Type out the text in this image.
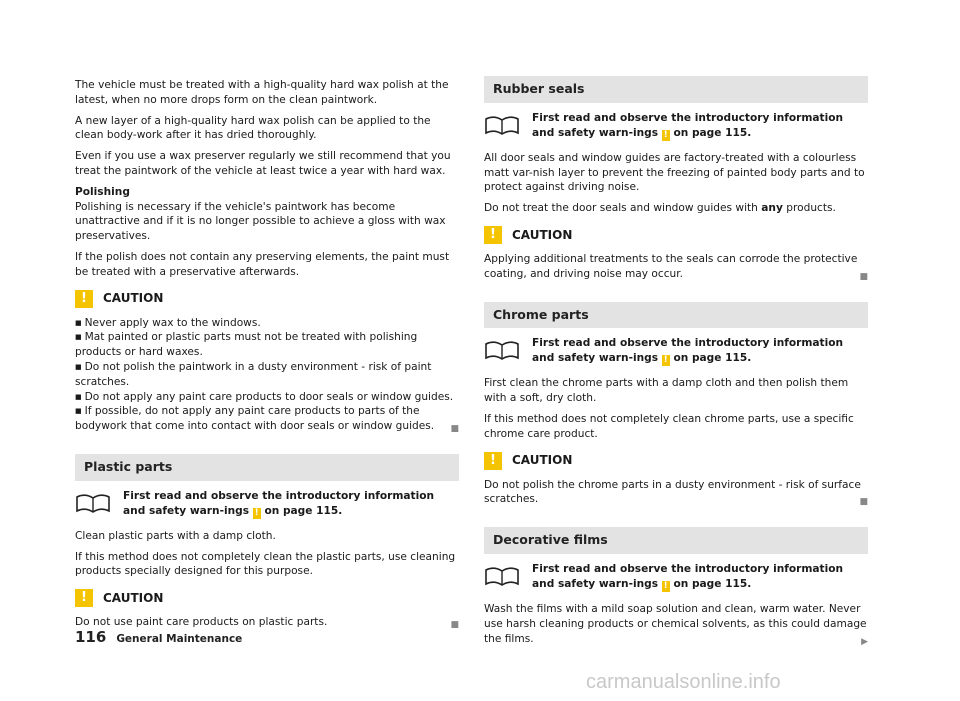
The vehicle must be treated with a high-quality hard wax polish at the latest, when no more drops form on the clean paintwork.

A new layer of a high-quality hard wax polish can be applied to the clean body-work after it has dried thoroughly.

Even if you use a wax preserver regularly we still recommend that you treat the paintwork of the vehicle at least twice a year with hard wax.

Polishing

Polishing is necessary if the vehicle's paintwork has become unattractive and if it is no longer possible to achieve a gloss with wax preservatives.

If the polish does not contain any preserving elements, the paint must be treated with a preservative afterwards.

!	CAUTION
■ Never apply wax to the windows.
■ Mat painted or plastic parts must not be treated with polishing products or hard waxes.
■ Do not polish the paintwork in a dusty environment - risk of paint scratches.
■ Do not apply any paint care products to door seals or window guides.
■ If possible, do not apply any paint care products to parts of the bodywork that come into contact with door seals or window guides. ■
Plastic parts
First read and observe the introductory information and safety warn-ings ! on page 115.

Clean plastic parts with a damp cloth.

If this method does not completely clean the plastic parts, use cleaning products specially designed for this purpose.

!	CAUTION

Do not use paint care products on plastic parts.	■

Rubber seals
First read and observe the introductory information and safety warn-ings ! on page 115.

All door seals and window guides are factory-treated with a colourless matt var-nish layer to prevent the freezing of painted body parts and to protect against driving noise.

Do not treat the door seals and window guides with any products.

!	CAUTION

Applying additional treatments to the seals can corrode the protective coating, and driving noise may occur.	■

Chrome parts
First read and observe the introductory information and safety warn-ings ! on page 115.

First clean the chrome parts with a damp cloth and then polish them with a soft, dry cloth.

If this method does not completely clean chrome parts, use a specific chrome care product.

!	CAUTION

Do not polish the chrome parts in a dusty environment - risk of surface scratches.	■

Decorative films
First read and observe the introductory information and safety warn-ings ! on page 115.

Wash the films with a mild soap solution and clean, warm water. Never use harsh cleaning products or chemical solvents, as this could damage the films.	▶

116 General Maintenance
carmanualsonline.info
